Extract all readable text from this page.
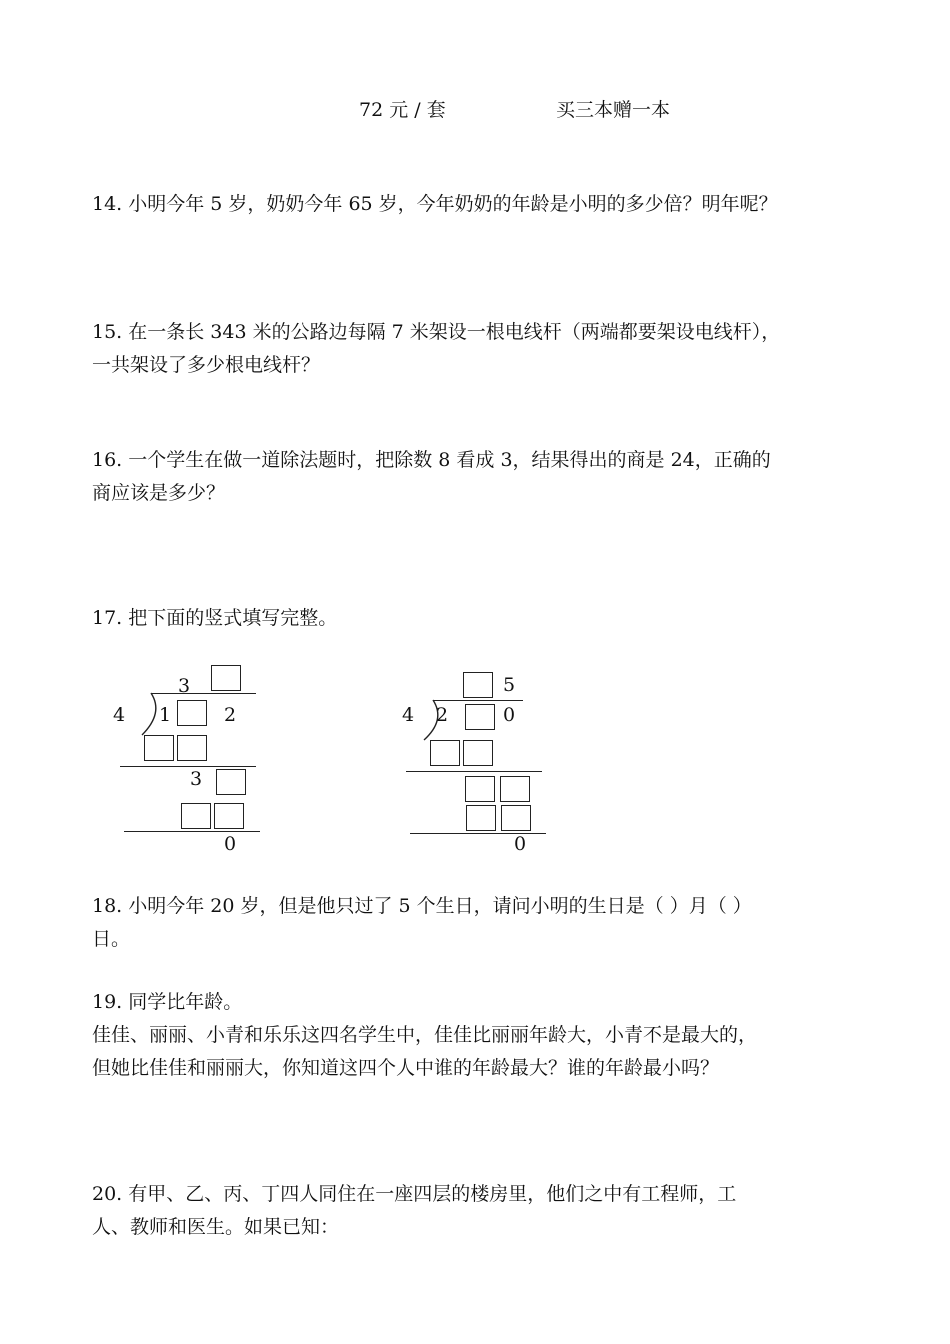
72 元 / 套	买三本赠一本
14. 小明今年 5 岁，奶奶今年 65 岁，今年奶奶的年龄是小明的多少倍？明年呢？
15. 在一条长 343 米的公路边每隔 7 米架设一根电线杆（两端都要架设电线杆），
一共架设了多少根电线杆？
16. 一个学生在做一道除法题时，把除数 8 看成 3，结果得出的商是 24，正确的
商应该是多少？
17. 把下面的竖式填写完整。
3
4 1	2
3
0
5
4 2	0
0
18. 小明今年 20 岁，但是他只过了 5 个生日，请问小明的生日是（ ）月（ ）
日。
19. 同学比年龄。
佳佳、丽丽、小青和乐乐这四名学生中，佳佳比丽丽年龄大，小青不是最大的，
但她比佳佳和丽丽大，你知道这四个人中谁的年龄最大？谁的年龄最小吗？
20. 有甲、乙、丙、丁四人同住在一座四层的楼房里，他们之中有工程师，工
人、教师和医生。如果已知：
